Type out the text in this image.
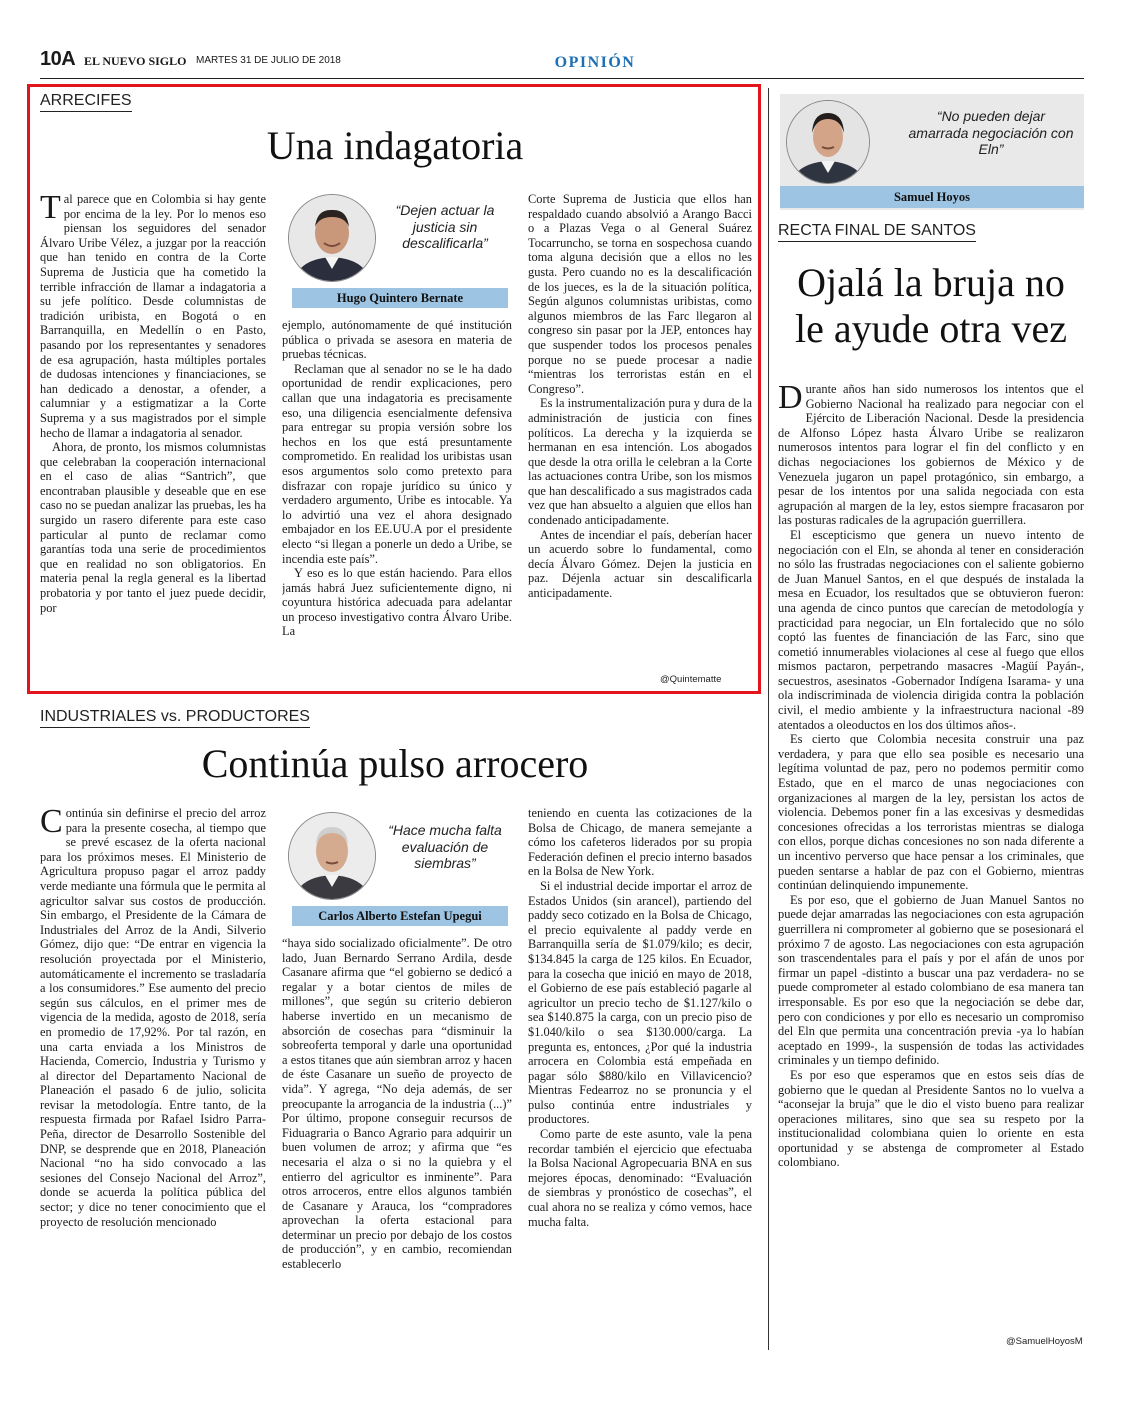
10A EL NUEVO SIGLO MARTES 31 DE JULIO DE 2018	OPINIÓN
ARRECIFES
Una indagatoria

Tal parece que en Colombia si hay gente por encima de la ley. Por lo menos eso piensan los seguidores del senador Álvaro Uribe Vélez, a juzgar por la reacción que han tenido en contra de la Corte Suprema de Justicia que ha cometido la terrible infracción de llamar a indagatoria a su jefe político. Desde columnistas de tradición uribista, en Bogotá o en Barranquilla, en Medellín o en Pasto, pasando por los representantes y senadores de esa agrupación, hasta múltiples portales de dudosas intenciones y financiaciones, se han dedicado a denostar, a ofender, a calumniar y a estigmatizar a la Corte Suprema y a sus magistrados por el simple hecho de llamar a indagatoria al senador.

Ahora, de pronto, los mismos columnistas que celebraban la cooperación internacional en el caso de alias “Santrich”, que encontraban plausible y deseable que en ese caso no se puedan analizar las pruebas, les ha surgido un rasero diferente para este caso particular al punto de reclamar como garantías toda una serie de procedimientos que en realidad no son obligatorios. En materia penal la regla general es la libertad probatoria y por tanto el juez puede decidir, por

“Dejen actuar la justicia sin descalificarla”
Hugo Quintero Bernate

ejemplo, autónomamente de qué institución pública o privada se asesora en materia de pruebas técnicas.

Reclaman que al senador no se le ha dado oportunidad de rendir explicaciones, pero callan que una indagatoria es precisamente eso, una diligencia esencialmente defensiva para entregar su propia versión sobre los hechos en los que está presuntamente comprometido. En realidad los uribistas usan esos argumentos solo como pretexto para disfrazar con ropaje jurídico su único y verdadero argumento, Uribe es intocable. Ya lo advirtió una vez el ahora designado embajador en los EE.UU.A por el presidente electo “si llegan a ponerle un dedo a Uribe, se incendia este país”.

Y eso es lo que están haciendo. Para ellos jamás habrá Juez suficientemente digno, ni coyuntura histórica adecuada para adelantar un proceso investigativo contra Álvaro Uribe. La

Corte Suprema de Justicia que ellos han respaldado cuando absolvió a Arango Bacci o a Plazas Vega o al General Suárez Tocarruncho, se torna en sospechosa cuando toma alguna decisión que a ellos no les gusta. Pero cuando no es la descalificación de los jueces, es la de la situación política, Según algunos columnistas uribistas, como algunos miembros de las Farc llegaron al congreso sin pasar por la JEP, entonces hay que suspender todos los procesos penales porque no se puede procesar a nadie “mientras los terroristas están en el Congreso”.

Es la instrumentalización pura y dura de la administración de justicia con fines políticos. La derecha y la izquierda se hermanan en esa intención. Los abogados que desde la otra orilla le celebran a la Corte las actuaciones contra Uribe, son los mismos que han descalificado a sus magistrados cada vez que han absuelto a alguien que ellos han condenado anticipadamente.

Antes de incendiar el país, deberían hacer un acuerdo sobre lo fundamental, como decía Álvaro Gómez. Dejen la justicia en paz. Déjenla actuar sin descalificarla anticipadamente.

@Quintematte
INDUSTRIALES vs. PRODUCTORES
Continúa pulso arrocero

Continúa sin definirse el precio del arroz para la presente cosecha, al tiempo que se prevé escasez de la oferta nacional para los próximos meses. El Ministerio de Agricultura propuso pagar el arroz paddy verde mediante una fórmula que le permita al agricultor salvar sus costos de producción. Sin embargo, el Presidente de la Cámara de Industriales del Arroz de la Andi, Silverio Gómez, dijo que: “De entrar en vigencia la resolución proyectada por el Ministerio, automáticamente el incremento se trasladaría a los consumidores.” Ese aumento del precio según sus cálculos, en el primer mes de vigencia de la medida, agosto de 2018, sería en promedio de 17,92%. Por tal razón, en una carta enviada a los Ministros de Hacienda, Comercio, Industria y Turismo y al director del Departamento Nacional de Planeación el pasado 6 de julio, solicita revisar la metodología. Entre tanto, de la respuesta firmada por Rafael Isidro Parra-Peña, director de Desarrollo Sostenible del DNP, se desprende que en 2018, Planeación Nacional “no ha sido convocado a las sesiones del Consejo Nacional del Arroz”, donde se acuerda la política pública del sector; y dice no tener conocimiento que el proyecto de resolución mencionado

“Hace mucha falta evaluación de siembras”
Carlos Alberto Estefan Upegui

“haya sido socializado oficialmente”. De otro lado, Juan Bernardo Serrano Ardila, desde Casanare afirma que “el gobierno se dedicó a regalar y a botar cientos de miles de millones”, que según su criterio debieron haberse invertido en un mecanismo de absorción de cosechas para “disminuir la sobreoferta temporal y darle una oportunidad a estos titanes que aún siembran arroz y hacen de éste Casanare un sueño de proyecto de vida”. Y agrega, “No deja además, de ser preocupante la arrogancia de la industria (...)” Por último, propone conseguir recursos de Fiduagraria o Banco Agrario para adquirir un buen volumen de arroz; y afirma que “es necesaria el alza o si no la quiebra y el entierro del agricultor es inminente”. Para otros arroceros, entre ellos algunos también de Casanare y Arauca, los “compradores aprovechan la oferta estacional para determinar un precio por debajo de los costos de producción”, y en cambio, recomiendan establecerlo

teniendo en cuenta las cotizaciones de la Bolsa de Chicago, de manera semejante a cómo los cafeteros liderados por su propia Federación definen el precio interno basados en la Bolsa de New York.

Si el industrial decide importar el arroz de Estados Unidos (sin arancel), partiendo del paddy seco cotizado en la Bolsa de Chicago, el precio equivalente al paddy verde en Barranquilla sería de $1.079/kilo; es decir, $134.845 la carga de 125 kilos. En Ecuador, para la cosecha que inició en mayo de 2018, el Gobierno de ese país estableció pagarle al agricultor un precio techo de $1.127/kilo o sea $140.875 la carga, con un precio piso de $1.040/kilo o sea $130.000/carga. La pregunta es, entonces, ¿Por qué la industria arrocera en Colombia está empeñada en pagar sólo $880/kilo en Villavicencio? Mientras Fedearroz no se pronuncia y el pulso continúa entre industriales y productores.

Como parte de este asunto, vale la pena recordar también el ejercicio que efectuaba la Bolsa Nacional Agropecuaria BNA en sus mejores épocas, denominado: “Evaluación de siembras y pronóstico de cosechas”, el cual ahora no se realiza y cómo vemos, hace mucha falta.

“No pueden dejar amarrada negociación con Eln”
Samuel Hoyos
RECTA FINAL DE SANTOS
Ojalá la bruja no le ayude otra vez

Durante años han sido numerosos los intentos que el Gobierno Nacional ha realizado para negociar con el Ejército de Liberación Nacional. Desde la presidencia de Alfonso López hasta Álvaro Uribe se realizaron numerosos intentos para lograr el fin del conflicto y en dichas negociaciones los gobiernos de México y de Venezuela jugaron un papel protagónico, sin embargo, a pesar de los intentos por una salida negociada con esta agrupación al margen de la ley, estos siempre fracasaron por las posturas radicales de la agrupación guerrillera.

El escepticismo que genera un nuevo intento de negociación con el Eln, se ahonda al tener en consideración no sólo las frustradas negociaciones con el saliente gobierno de Juan Manuel Santos, en el que después de instalada la mesa en Ecuador, los resultados que se obtuvieron fueron: una agenda de cinco puntos que carecían de metodología y practicidad para negociar, un Eln fortalecido que no sólo coptó las fuentes de financiación de las Farc, sino que cometió innumerables violaciones al cese al fuego que ellos mismos pactaron, perpetrando masacres -Magüí Payán-, secuestros, asesinatos -Gobernador Indígena Isarama- y una ola indiscriminada de violencia dirigida contra la población civil, el medio ambiente y la infraestructura nacional -89 atentados a oleoductos en los dos últimos años-.

Es cierto que Colombia necesita construir una paz verdadera, y para que ello sea posible es necesario una legítima voluntad de paz, pero no podemos permitir como Estado, que en el marco de unas negociaciones con organizaciones al margen de la ley, persistan los actos de violencia. Debemos poner fin a las excesivas y desmedidas concesiones ofrecidas a los terroristas mientras se dialoga con ellos, porque dichas concesiones no son nada diferente a un incentivo perverso que hace pensar a los criminales, que pueden sentarse a hablar de paz con el Gobierno, mientras continúan delinquiendo impunemente.

Es por eso, que el gobierno de Juan Manuel Santos no puede dejar amarradas las negociaciones con esta agrupación guerrillera ni comprometer al gobierno que se posesionará el próximo 7 de agosto. Las negociaciones con esta agrupación son trascendentales para el país y por el afán de unos por firmar un papel -distinto a buscar una paz verdadera- no se puede comprometer al estado colombiano de esa manera tan irresponsable. Es por eso que la negociación se debe dar, pero con condiciones y por ello es necesario un compromiso del Eln que permita una concentración previa -ya lo habían aceptado en 1999-, la suspensión de todas las actividades criminales y un tiempo definido.

Es por eso que esperamos que en estos seis días de gobierno que le quedan al Presidente Santos no lo vuelva a “aconsejar la bruja” que le dio el visto bueno para realizar operaciones militares, sino que sea su respeto por la institucionalidad colombiana quien lo oriente en esta oportunidad y se abstenga de comprometer al Estado colombiano.

@SamuelHoyosM
